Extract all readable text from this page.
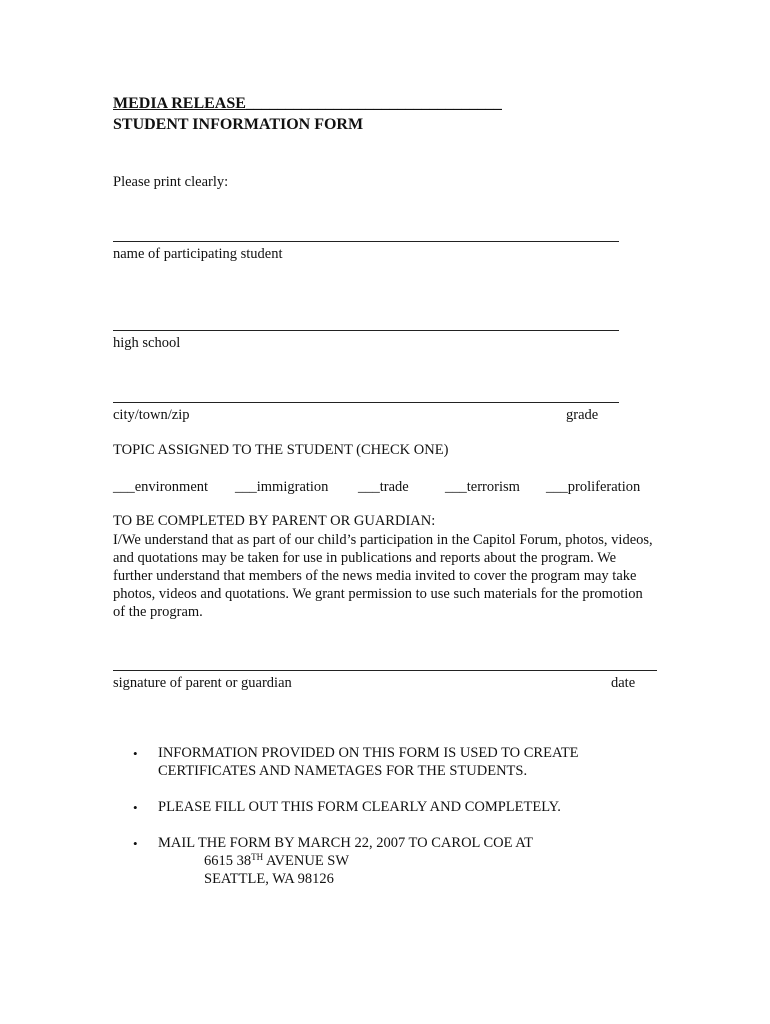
MEDIA RELEASE________________________________
STUDENT INFORMATION FORM
Please print clearly:
name of participating student
high school
city/town/zip	grade
TOPIC ASSIGNED TO THE STUDENT (CHECK ONE)
___environment ___immigration ___trade	___terrorism ___proliferation
TO BE COMPLETED BY PARENT OR GUARDIAN:
I/We understand that as part of our child’s participation in the Capitol Forum, photos, videos, and quotations may be taken for use in publications and reports about the program. We further understand that members of the news media invited to cover the program may take photos, videos and quotations. We grant permission to use such materials for the promotion of the program.
signature of parent or guardian	date
• INFORMATION PROVIDED ON THIS FORM IS USED TO CREATE
CERTIFICATES AND NAMETAGES FOR THE STUDENTS.
• PLEASE FILL OUT THIS FORM CLEARLY AND COMPLETELY.
• MAIL THE FORM BY MARCH 22, 2007 TO CAROL COE AT
6615 38TH AVENUE SW
SEATTLE, WA 98126
